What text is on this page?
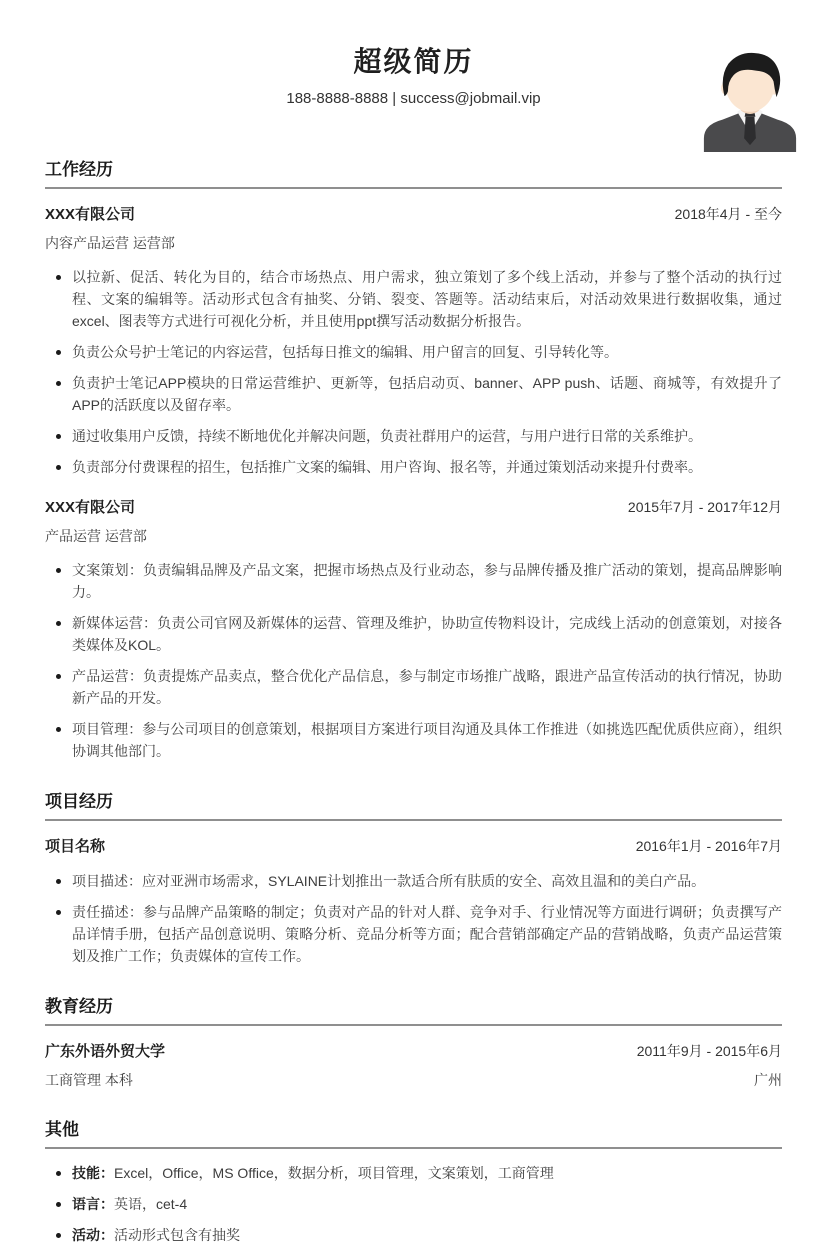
超级简历
188-8888-8888 | success@jobmail.vip
工作经历
XXX有限公司	2018年4月 - 至今
内容产品运营 运营部
以拉新、促活、转化为目的，结合市场热点、用户需求，独立策划了多个线上活动，并参与了整个活动的执行过程、文案的编辑等。活动形式包含有抽奖、分销、裂变、答题等。活动结束后，对活动效果进行数据收集，通过excel、图表等方式进行可视化分析，并且使用ppt撰写活动数据分析报告。
负责公众号护士笔记的内容运营，包括每日推文的编辑、用户留言的回复、引导转化等。
负责护士笔记APP模块的日常运营维护、更新等，包括启动页、banner、APP push、话题、商城等，有效提升了APP的活跃度以及留存率。
通过收集用户反馈，持续不断地优化并解决问题，负责社群用户的运营，与用户进行日常的关系维护。
负责部分付费课程的招生，包括推广文案的编辑、用户咨询、报名等，并通过策划活动来提升付费率。
XXX有限公司	2015年7月 - 2017年12月
产品运营 运营部
文案策划：负责编辑品牌及产品文案，把握市场热点及行业动态，参与品牌传播及推广活动的策划，提高品牌影响力。
新媒体运营：负责公司官网及新媒体的运营、管理及维护，协助宣传物料设计，完成线上活动的创意策划，对接各类媒体及KOL。
产品运营：负责提炼产品卖点，整合优化产品信息，参与制定市场推广战略，跟进产品宣传活动的执行情况，协助新产品的开发。
项目管理：参与公司项目的创意策划，根据项目方案进行项目沟通及具体工作推进（如挑选匹配优质供应商），组织协调其他部门。
项目经历
项目名称	2016年1月 - 2016年7月
项目描述：应对亚洲市场需求，SYLAINE计划推出一款适合所有肤质的安全、高效且温和的美白产品。
责任描述：参与品牌产品策略的制定；负责对产品的针对人群、竞争对手、行业情况等方面进行调研；负责撰写产品详情手册，包括产品创意说明、策略分析、竞品分析等方面；配合营销部确定产品的营销战略，负责产品运营策划及推广工作；负责媒体的宣传工作。
教育经历
广东外语外贸大学	2011年9月 - 2015年6月
工商管理 本科	广州
其他
技能：Excel，Office，MS Office，数据分析，项目管理，文案策划，工商管理
语言：英语，cet-4
活动：活动形式包含有抽奖
